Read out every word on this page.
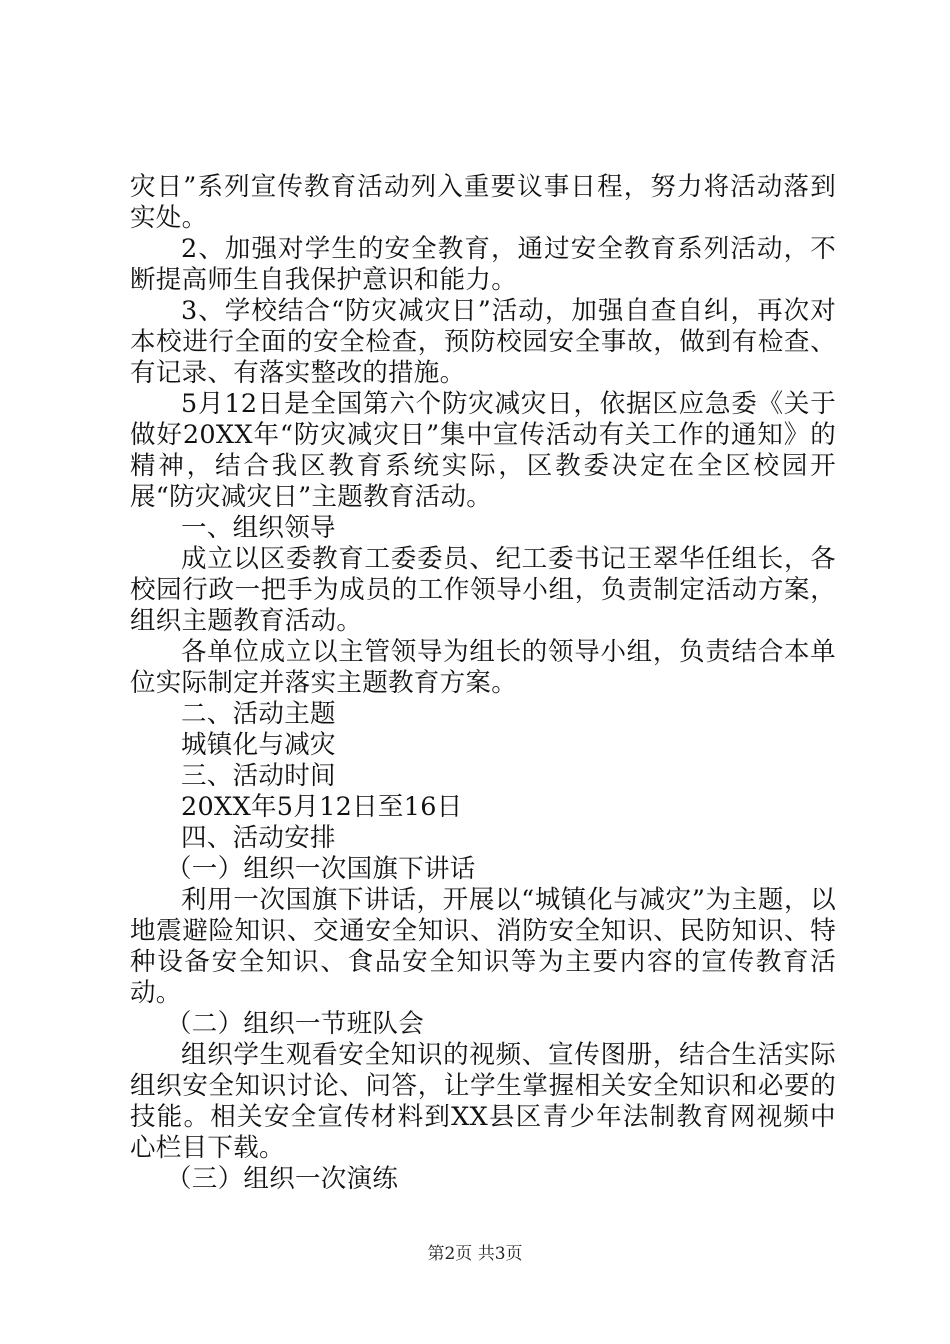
灾日”系列宣传教育活动列入重要议事日程，努力将活动落到实处。

2、加强对学生的安全教育，通过安全教育系列活动，不断提高师生自我保护意识和能力。

3、学校结合“防灾减灾日”活动，加强自查自纠，再次对本校进行全面的安全检查，预防校园安全事故，做到有检查、有记录、有落实整改的措施。

5月12日是全国第六个防灾减灾日，依据区应急委《关于做好20XX年“防灾减灾日”集中宣传活动有关工作的通知》的精神，结合我区教育系统实际，区教委决定在全区校园开展“防灾减灾日”主题教育活动。

一、组织领导

成立以区委教育工委委员、纪工委书记王翠华任组长，各校园行政一把手为成员的工作领导小组，负责制定活动方案，组织主题教育活动。

各单位成立以主管领导为组长的领导小组，负责结合本单位实际制定并落实主题教育方案。

二、活动主题

城镇化与减灾

三、活动时间

20XX年5月12日至16日

四、活动安排

（一）组织一次国旗下讲话

利用一次国旗下讲话，开展以“城镇化与减灾”为主题，以地震避险知识、交通安全知识、消防安全知识、民防知识、特种设备安全知识、食品安全知识等为主要内容的宣传教育活动。

（二）组织一节班队会

组织学生观看安全知识的视频、宣传图册，结合生活实际组织安全知识讨论、问答，让学生掌握相关安全知识和必要的技能。相关安全宣传材料到XX县区青少年法制教育网视频中心栏目下载。

（三）组织一次演练

第2页 共3页
